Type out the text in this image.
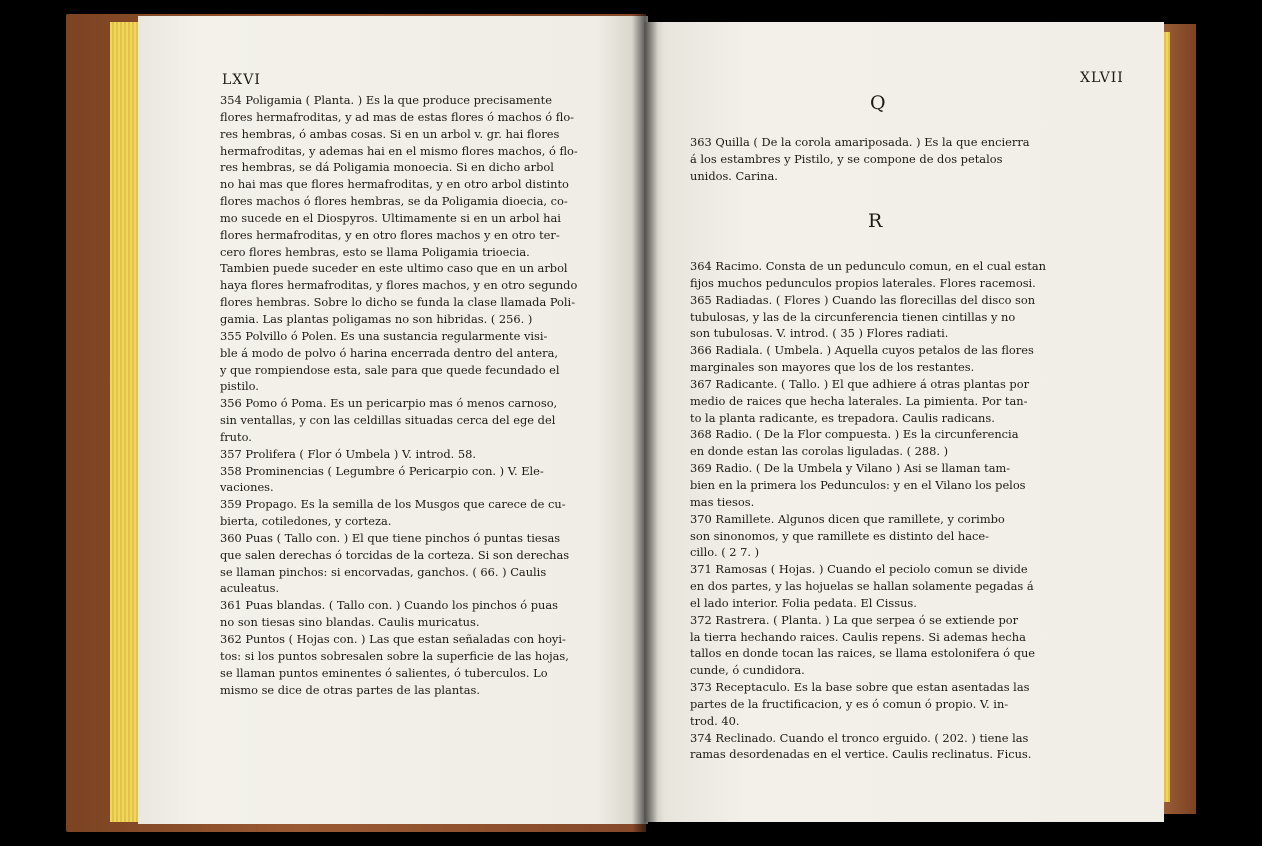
LXVI

354 Poligamia ( Planta. ) Es la que produce precisamente

flores hermafroditas, y ad mas de estas flores ó machos ó flo-

res hembras, ó ambas cosas. Si en un arbol v. gr. hai flores

hermafroditas, y ademas hai en el mismo flores machos, ó flo-

res hembras, se dá Poligamia monoecia. Si en dicho arbol

no hai mas que flores hermafroditas, y en otro arbol distinto

flores machos ó flores hembras, se da Poligamia dioecia, co-

mo sucede en el Diospyros. Ultimamente si en un arbol hai

flores hermafroditas, y en otro flores machos y en otro ter-

cero flores hembras, esto se llama Poligamia trioecia.

Tambien puede suceder en este ultimo caso que en un arbol

haya flores hermafroditas, y flores machos, y en otro segundo

flores hembras. Sobre lo dicho se funda la clase llamada Poli-

gamia. Las plantas poligamas no son hibridas. ( 256. )

355 Polvillo ó Polen. Es una sustancia regularmente visi-

ble á modo de polvo ó harina encerrada dentro del antera,

y que rompiendose esta, sale para que quede fecundado el

pistilo.

356 Pomo ó Poma. Es un pericarpio mas ó menos carnoso,

sin ventallas, y con las celdillas situadas cerca del ege del

fruto.

357 Prolifera ( Flor ó Umbela ) V. introd. 58.

358 Prominencias ( Legumbre ó Pericarpio con. ) V. Ele-

vaciones.

359 Propago. Es la semilla de los Musgos que carece de cu-

bierta, cotiledones, y corteza.

360 Puas ( Tallo con. ) El que tiene pinchos ó puntas tiesas

que salen derechas ó torcidas de la corteza. Si son derechas

se llaman pinchos: si encorvadas, ganchos. ( 66. ) Caulis

aculeatus.

361 Puas blandas. ( Tallo con. ) Cuando los pinchos ó puas

no son tiesas sino blandas. Caulis muricatus.

362 Puntos ( Hojas con. ) Las que estan señaladas con hoyi-

tos: si los puntos sobresalen sobre la superficie de las hojas,

se llaman puntos eminentes ó salientes, ó tuberculos. Lo

mismo se dice de otras partes de las plantas.

XLVII
Q

363 Quilla ( De la corola amariposada. ) Es la que encierra

á los estambres y Pistilo, y se compone de dos petalos

unidos. Carina.

R

364 Racimo. Consta de un pedunculo comun, en el cual estan

fijos muchos pedunculos propios laterales. Flores racemosi.

365 Radiadas. ( Flores ) Cuando las florecillas del disco son

tubulosas, y las de la circunferencia tienen cintillas y no

son tubulosas. V. introd. ( 35 ) Flores radiati.

366 Radiala. ( Umbela. ) Aquella cuyos petalos de las flores

marginales son mayores que los de los restantes.

367 Radicante. ( Tallo. ) El que adhiere á otras plantas por

medio de raices que hecha laterales. La pimienta. Por tan-

to la planta radicante, es trepadora. Caulis radicans.

368 Radio. ( De la Flor compuesta. ) Es la circunferencia

en donde estan las corolas liguladas. ( 288. )

369 Radio. ( De la Umbela y Vilano ) Asi se llaman tam-

bien en la primera los Pedunculos: y en el Vilano los pelos

mas tiesos.

370 Ramillete. Algunos dicen que ramillete, y corimbo

son sinonomos, y que ramillete es distinto del hace-

cillo. ( 2 7. )

371 Ramosas ( Hojas. ) Cuando el peciolo comun se divide

en dos partes, y las hojuelas se hallan solamente pegadas á

el lado interior. Folia pedata. El Cissus.

372 Rastrera. ( Planta. ) La que serpea ó se extiende por

la tierra hechando raices. Caulis repens. Si ademas hecha

tallos en donde tocan las raices, se llama estolonifera ó que

cunde, ó cundidora.

373 Receptaculo. Es la base sobre que estan asentadas las

partes de la fructificacion, y es ó comun ó propio. V. in-

trod. 40.

374 Reclinado. Cuando el tronco erguido. ( 202. ) tiene las

ramas desordenadas en el vertice. Caulis reclinatus. Ficus.
